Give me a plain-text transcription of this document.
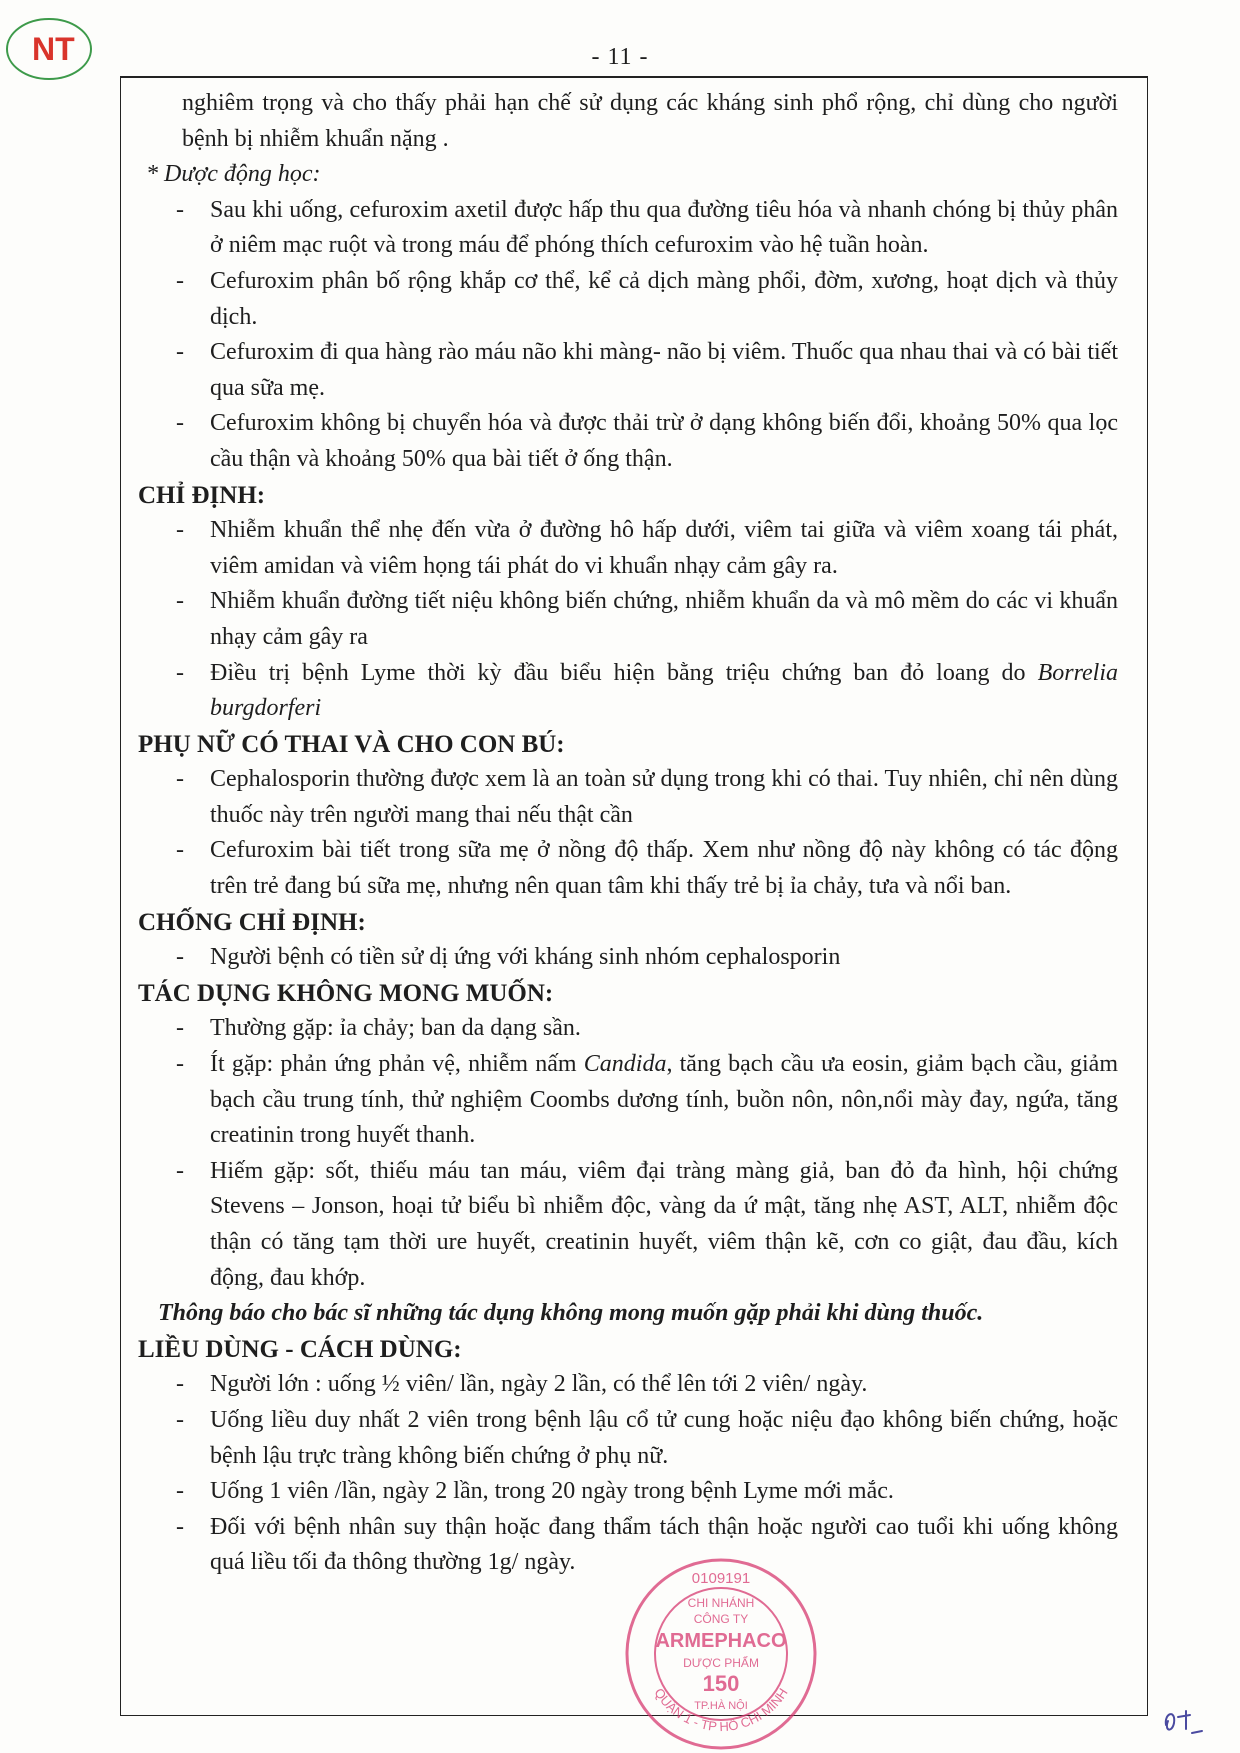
NT	- 11 -

nghiêm trọng và cho thấy phải hạn chế sử dụng các kháng sinh phổ rộng, chỉ dùng cho người bệnh bị nhiễm khuẩn nặng .

* Dược động học:

- Sau khi uống, cefuroxim axetil được hấp thu qua đường tiêu hóa và nhanh chóng bị thủy phân ở niêm mạc ruột và trong máu để phóng thích cefuroxim vào hệ tuần hoàn.
- Cefuroxim phân bố rộng khắp cơ thể, kể cả dịch màng phổi, đờm, xương, hoạt dịch và thủy dịch.
- Cefuroxim đi qua hàng rào máu não khi màng- não bị viêm. Thuốc qua nhau thai và có bài tiết qua sữa mẹ.
- Cefuroxim không bị chuyển hóa và được thải trừ ở dạng không biến đổi, khoảng 50% qua lọc cầu thận và khoảng 50% qua bài tiết ở ống thận.

CHỈ ĐỊNH:

- Nhiễm khuẩn thể nhẹ đến vừa ở đường hô hấp dưới, viêm tai giữa và viêm xoang tái phát, viêm amidan và viêm họng tái phát do vi khuẩn nhạy cảm gây ra.
- Nhiễm khuẩn đường tiết niệu không biến chứng, nhiễm khuẩn da và mô mềm do các vi khuẩn nhạy cảm gây ra
- Điều trị bệnh Lyme thời kỳ đầu biểu hiện bằng triệu chứng ban đỏ loang do Borrelia burgdorferi

PHỤ NỮ CÓ THAI VÀ CHO CON BÚ:

- Cephalosporin thường được xem là an toàn sử dụng trong khi có thai. Tuy nhiên, chỉ nên dùng thuốc này trên người mang thai nếu thật cần
- Cefuroxim bài tiết trong sữa mẹ ở nồng độ thấp. Xem như nồng độ này không có tác động trên trẻ đang bú sữa mẹ, nhưng nên quan tâm khi thấy trẻ bị ỉa chảy, tưa và nổi ban.

CHỐNG CHỈ ĐỊNH:

- Người bệnh có tiền sử dị ứng với kháng sinh nhóm cephalosporin

TÁC DỤNG KHÔNG MONG MUỐN:

- Thường gặp: ỉa chảy; ban da dạng sần.
- Ít gặp: phản ứng phản vệ, nhiễm nấm Candida, tăng bạch cầu ưa eosin, giảm bạch cầu, giảm bạch cầu trung tính, thử nghiệm Coombs dương tính, buồn nôn, nôn,nổi mày đay, ngứa, tăng creatinin trong huyết thanh.
- Hiếm gặp: sốt, thiếu máu tan máu, viêm đại tràng màng giả, ban đỏ đa hình, hội chứng Stevens – Jonson, hoại tử biểu bì nhiễm độc, vàng da ứ mật, tăng nhẹ AST, ALT, nhiễm độc thận có tăng tạm thời ure huyết, creatinin huyết, viêm thận kẽ, cơn co giật, đau đầu, kích động, đau khớp.

Thông báo cho bác sĩ những tác dụng không mong muốn gặp phải khi dùng thuốc.

LIỀU DÙNG - CÁCH DÙNG:

- Người lớn : uống ½ viên/ lần, ngày 2 lần, có thể lên tới 2 viên/ ngày.
- Uống liều duy nhất 2 viên trong bệnh lậu cổ tử cung hoặc niệu đạo không biến chứng, hoặc bệnh lậu trực tràng không biến chứng ở phụ nữ.
- Uống 1 viên /lần, ngày 2 lần, trong 20 ngày trong bệnh Lyme mới mắc.
- Đối với bệnh nhân suy thận hoặc đang thẩm tách thận hoặc người cao tuổi khi uống không quá liều tối đa thông thường 1g/ ngày.
0109191
CHI NHÁNH
CÔNG TY
ARMEPHACO
DƯỢC PHẨM
150
TP.HÀ NỘI
QUẬN 1 - TP HỒ CHÍ MINH
